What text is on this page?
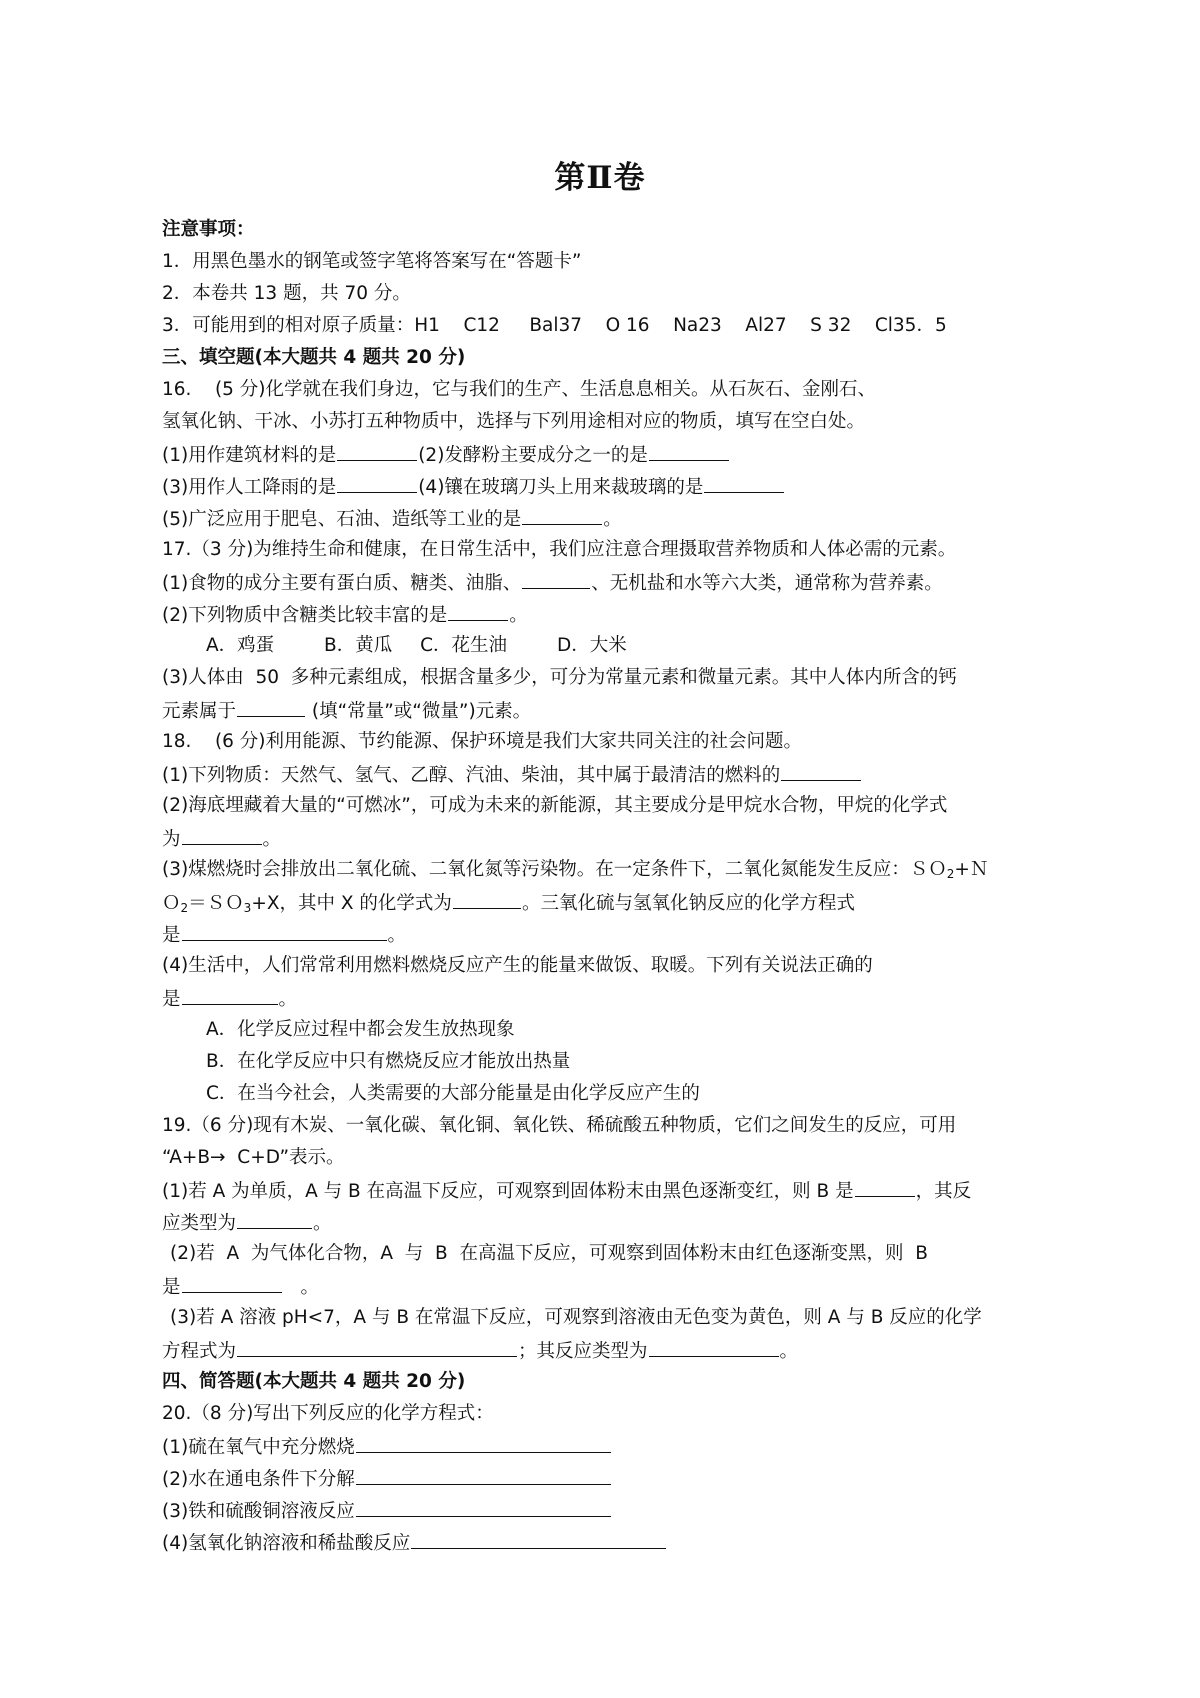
第Ⅱ卷
注意事项：
1．用黑色墨水的钢笔或签字笔将答案写在“答题卡”
2．本卷共 13 题，共 70 分。
3．可能用到的相对原子质量：H1    C12     Bal37    O 16    Na23    Al27    S 32    Cl35．5
三、填空题(本大题共 4 题共 20 分)
16.    (5 分)化学就在我们身边，它与我们的生产、生活息息相关。从石灰石、金刚石、
氢氧化钠、干冰、小苏打五种物质中，选择与下列用途相对应的物质，填写在空白处。
(1)用作建筑材料的是	(2)发酵粉主要成分之一的是
(3)用作人工降雨的是	(4)镶在玻璃刀头上用来裁玻璃的是
(5)广泛应用于肥皂、石油、造纸等工业的是	。
17.（3 分)为维持生命和健康，在日常生活中，我们应注意合理摄取营养物质和人体必需的元素。
(1)食物的成分主要有蛋白质、糖类、油脂、	、无机盐和水等六大类，通常称为营养素。
(2)下列物质中含糖类比较丰富的是	。
A．鸡蛋	B．黄瓜 C．花生油	D．大米
(3)人体由  50  多种元素组成，根据含量多少，可分为常量元素和微量元素。其中人体内所含的钙
元素属于	(填“常量”或“微量”)元素。
18.    (6 分)利用能源、节约能源、保护环境是我们大家共同关注的社会问题。
(1)下列物质：天然气、氢气、乙醇、汽油、柴油，其中属于最清洁的燃料的
(2)海底埋藏着大量的“可燃冰”，可成为未来的新能源，其主要成分是甲烷水合物，甲烷的化学式
为	。
(3)煤燃烧时会排放出二氧化硫、二氧化氮等污染物。在一定条件下，二氧化氮能发生反应：ＳＯ$_2$+Ｎ
Ｏ$_2$＝ＳＯ$_3$+X，其中 X 的化学式为	。三氧化硫与氢氧化钠反应的化学方程式
是	。
(4)生活中，人们常常利用燃料燃烧反应产生的能量来做饭、取暖。下列有关说法正确的
是	。
A．化学反应过程中都会发生放热现象
B．在化学反应中只有燃烧反应才能放出热量
C．在当今社会，人类需要的大部分能量是由化学反应产生的
19.（6 分)现有木炭、一氧化碳、氧化铜、氧化铁、稀硫酸五种物质，它们之间发生的反应，可用
“A+B→  C+D”表示。
(1)若 A 为单质，A 与 B 在高温下反应，可观察到固体粉末由黑色逐渐变红，则 B 是	，其反
应类型为	。
(2)若  A  为气体化合物，A  与  B  在高温下反应，可观察到固体粉末由红色逐渐变黑，则  B
是	。
(3)若 A 溶液 pH<7，A 与 B 在常温下反应，可观察到溶液由无色变为黄色，则 A 与 B 反应的化学
方程式为	；其反应类型为	。
四、简答题(本大题共 4 题共 20 分)
20.（8 分)写出下列反应的化学方程式：
(1)硫在氧气中充分燃烧
(2)水在通电条件下分解
(3)铁和硫酸铜溶液反应
(4)氢氧化钠溶液和稀盐酸反应
